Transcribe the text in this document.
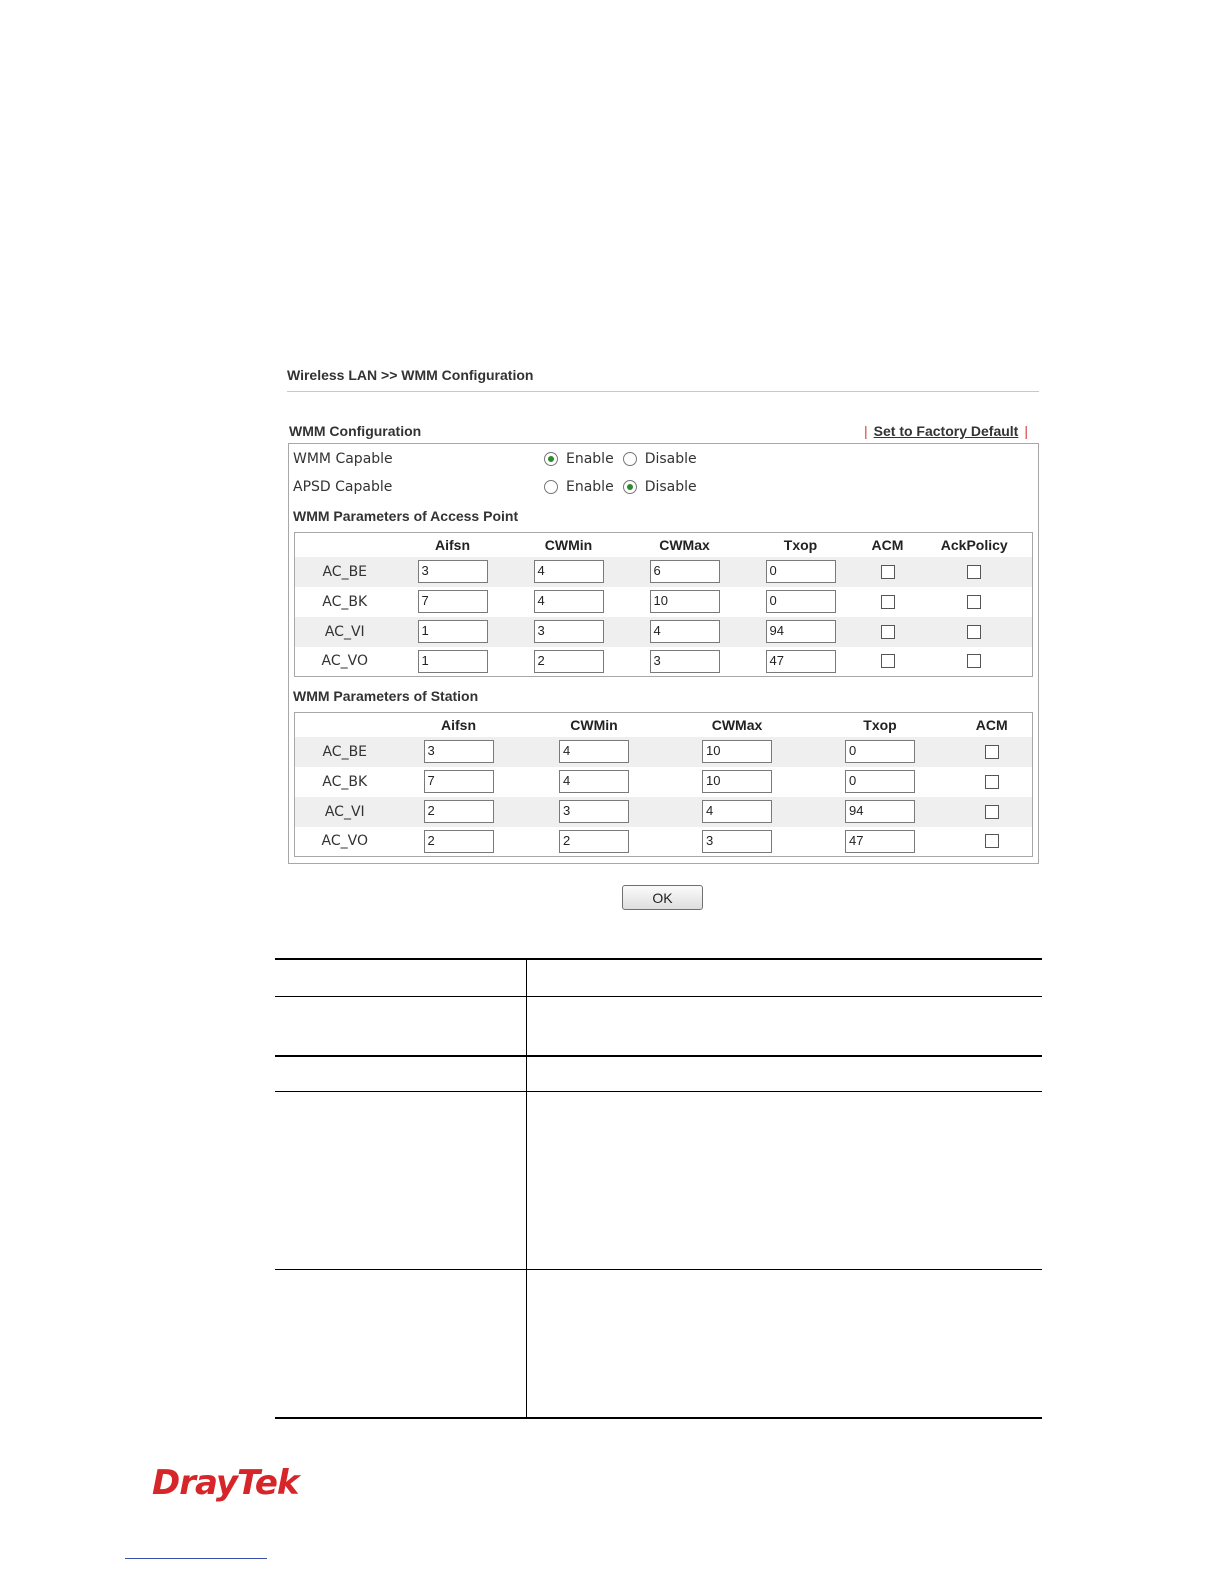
Wireless LAN >> WMM Configuration
WMM Configuration	| Set to Factory Default |
WMM Capable	Enable Disable
APSD Capable	Enable Disable
WMM Parameters of Access Point
	Aifsn	CWMin	CWMax	Txop	ACM	AckPolicy
AC_BE	3	4	6	0		
AC_BK	7	4	10	0		
AC_VI	1	3	4	94		
AC_VO	1	2	3	47		
WMM Parameters of Station
	Aifsn	CWMin	CWMax	Txop	ACM
AC_BE	3	4	10	0	
AC_BK	7	4	10	0	
AC_VI	2	3	4	94	
AC_VO	2	2	3	47	
OK
DrayTek
